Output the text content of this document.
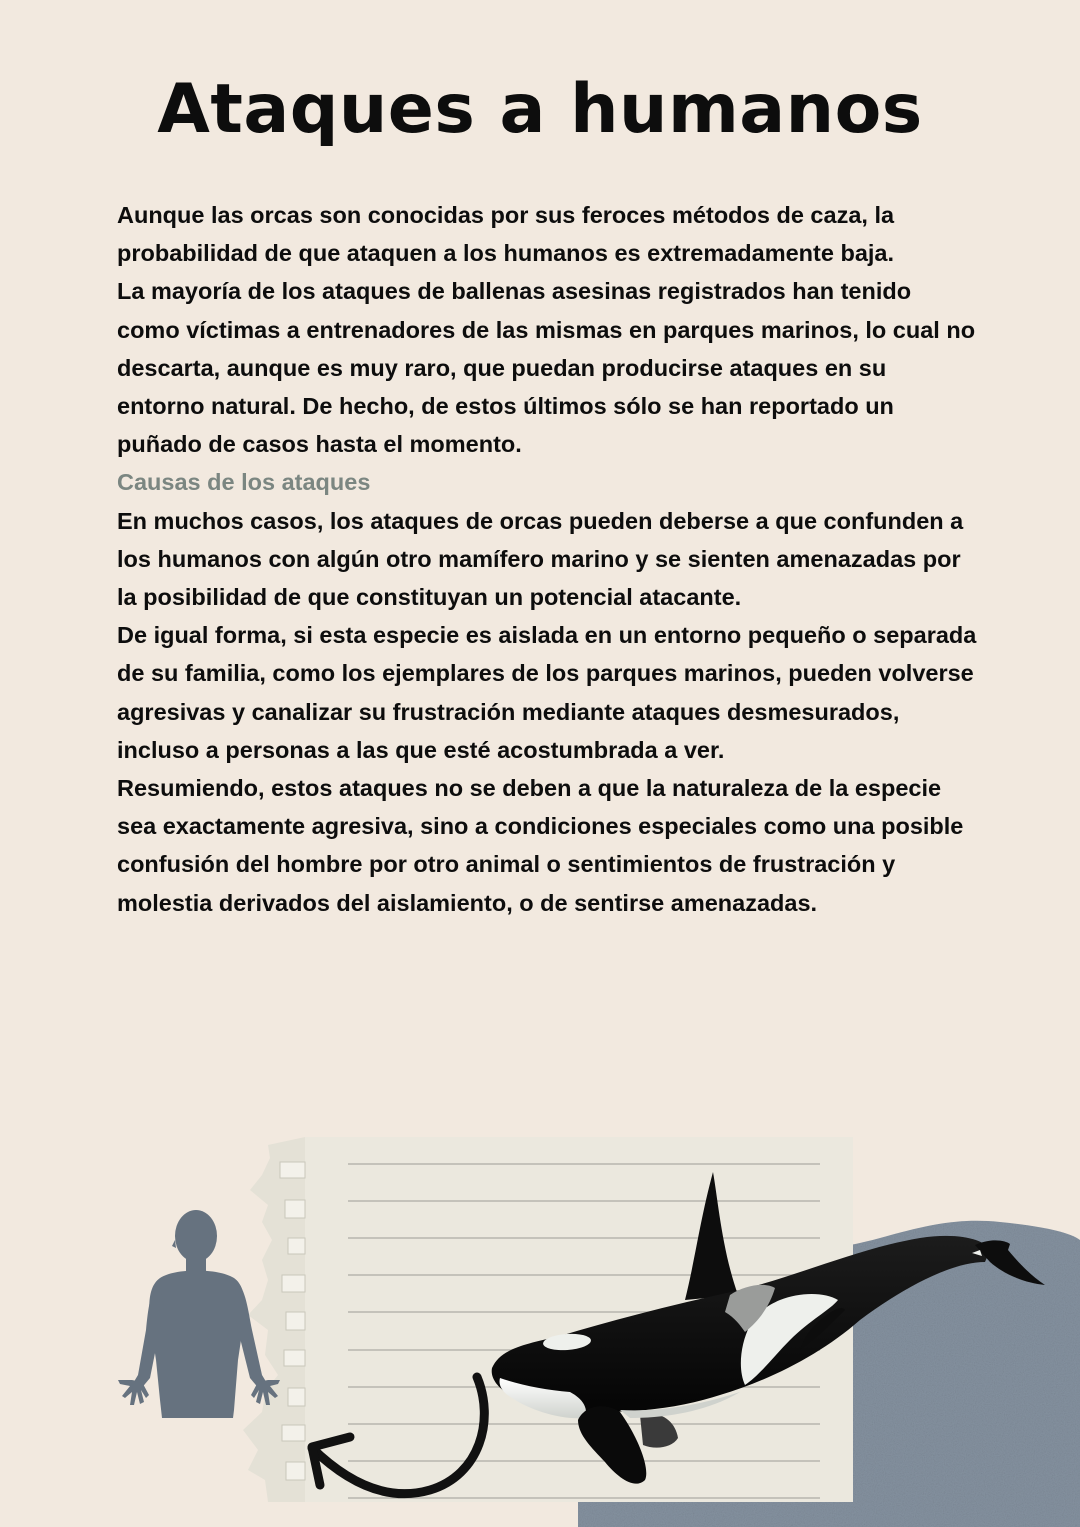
Ataques a humanos

Aunque las orcas son conocidas por sus feroces métodos de caza, la probabilidad de que ataquen a los humanos es extremadamente baja.

La mayoría de los ataques de ballenas asesinas registrados han tenido como víctimas a entrenadores de las mismas en parques marinos, lo cual no descarta, aunque es muy raro, que puedan producirse ataques en su entorno natural. De hecho, de estos últimos sólo se han reportado un puñado de casos hasta el momento.

Causas de los ataques

En muchos casos, los ataques de orcas pueden deberse a que confunden a los humanos con algún otro mamífero marino y se sienten amenazadas por la posibilidad de que constituyan un potencial atacante.

De igual forma, si esta especie es aislada en un entorno pequeño o separada de su familia, como los ejemplares de los parques marinos, pueden volverse agresivas y canalizar su frustración mediante ataques desmesurados, incluso a personas a las que esté acostumbrada a ver.

Resumiendo, estos ataques no se deben a que la naturaleza de la especie sea exactamente agresiva, sino a condiciones especiales como una posible confusión del hombre por otro animal o sentimientos de frustración y molestia derivados del aislamiento, o de sentirse amenazadas.
